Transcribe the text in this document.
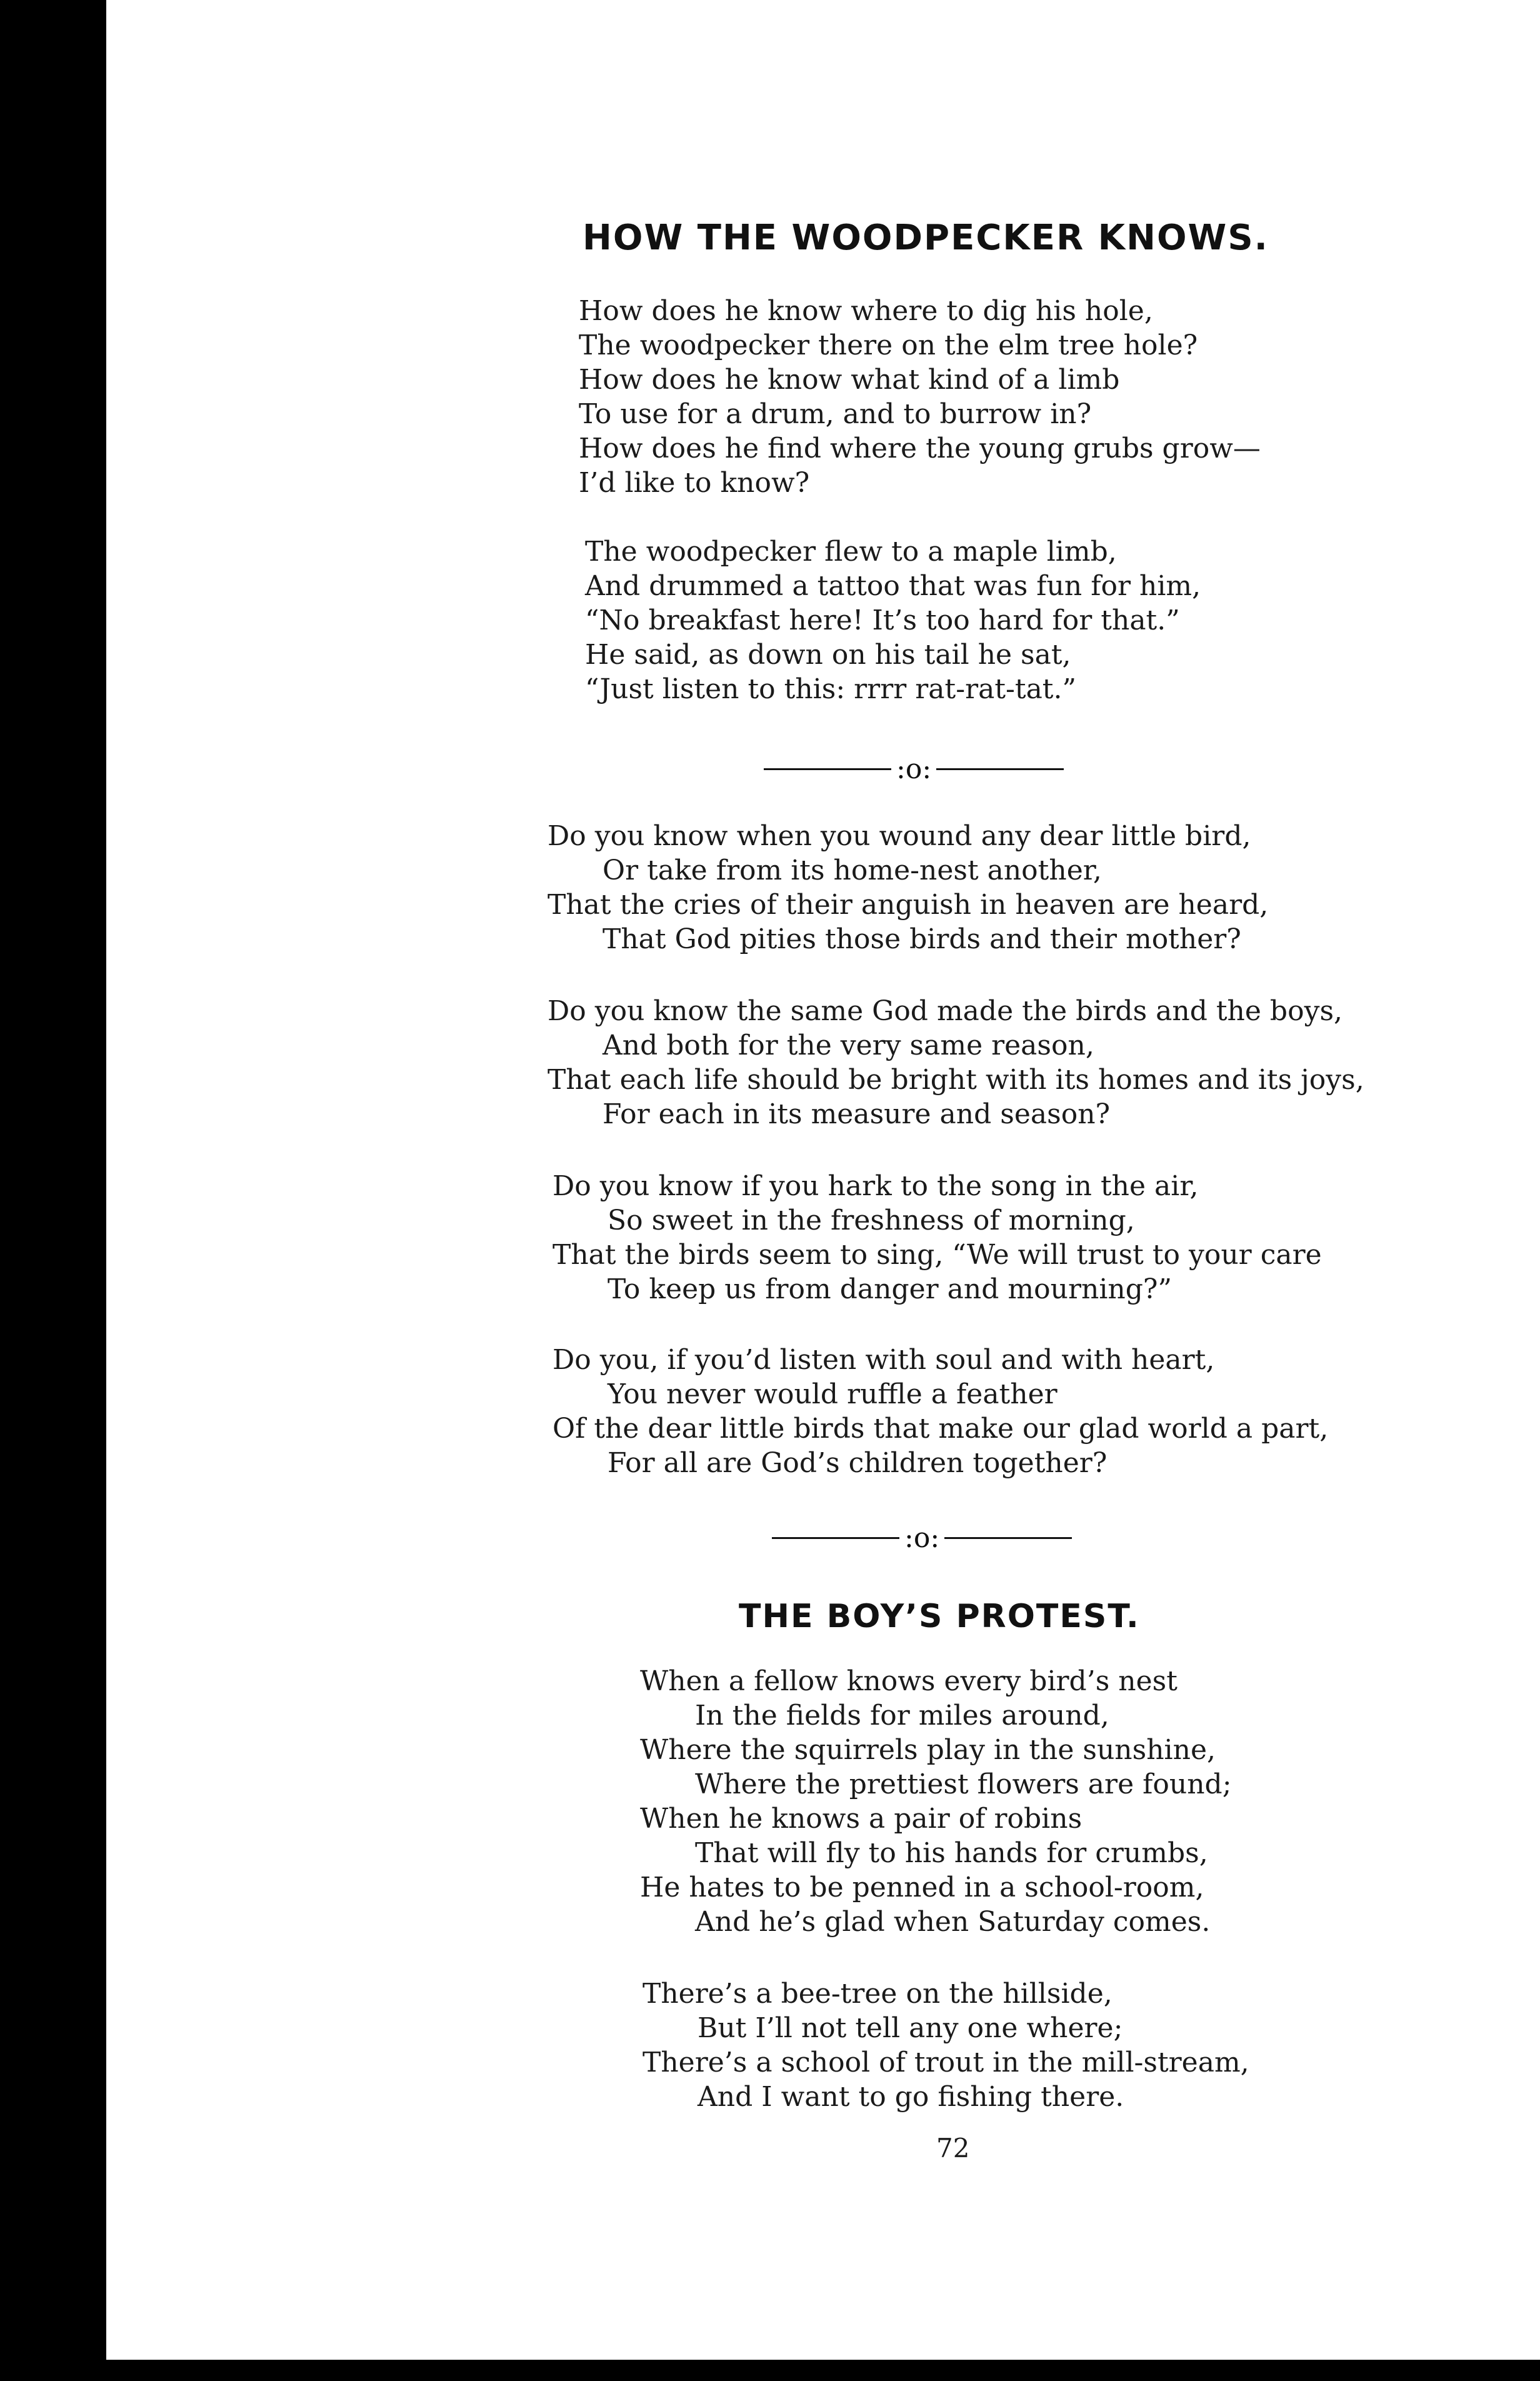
HOW THE WOODPECKER KNOWS.
How does he know where to dig his hole,
The woodpecker there on the elm tree hole?
How does he know what kind of a limb
To use for a drum, and to burrow in?
How does he find where the young grubs grow—
I’d like to know?
The woodpecker flew to a maple limb,
And drummed a tattoo that was fun for him,
“No breakfast here! It’s too hard for that.”
He said, as down on his tail he sat,
“Just listen to this: rrrr rat-rat-tat.”
:o:
Do you know when you wound any dear little bird,
Or take from its home-nest another,
That the cries of their anguish in heaven are heard,
That God pities those birds and their mother?
Do you know the same God made the birds and the boys,
And both for the very same reason,
That each life should be bright with its homes and its joys,
For each in its measure and season?
Do you know if you hark to the song in the air,
So sweet in the freshness of morning,
That the birds seem to sing, “We will trust to your care
To keep us from danger and mourning?”
Do you, if you’d listen with soul and with heart,
You never would ruffle a feather
Of the dear little birds that make our glad world a part,
For all are God’s children together?
:o:
THE BOY’S PROTEST.
When a fellow knows every bird’s nest
In the fields for miles around,
Where the squirrels play in the sunshine,
Where the prettiest flowers are found;
When he knows a pair of robins
That will fly to his hands for crumbs,
He hates to be penned in a school-room,
And he’s glad when Saturday comes.
There’s a bee-tree on the hillside,
But I’ll not tell any one where;
There’s a school of trout in the mill-stream,
And I want to go fishing there.
72
